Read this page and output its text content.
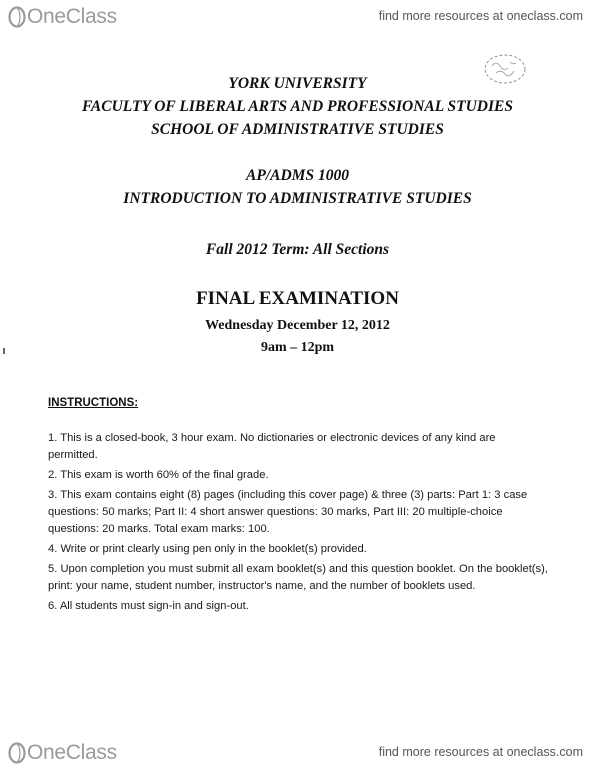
OneClass	find more resources at oneclass.com
YORK UNIVERSITY
FACULTY OF LIBERAL ARTS AND PROFESSIONAL STUDIES
SCHOOL OF ADMINISTRATIVE STUDIES
AP/ADMS 1000
INTRODUCTION TO ADMINISTRATIVE STUDIES
Fall 2012 Term: All Sections
FINAL EXAMINATION
Wednesday December 12, 2012
9am – 12pm
INSTRUCTIONS:

1. This is a closed-book, 3 hour exam. No dictionaries or electronic devices of any kind are permitted.

2. This exam is worth 60% of the final grade.

3. This exam contains eight (8) pages (including this cover page) & three (3) parts: Part 1: 3 case questions: 50 marks; Part II: 4 short answer questions: 30 marks, Part III: 20 multiple-choice questions: 20 marks. Total exam marks: 100.

4. Write or print clearly using pen only in the booklet(s) provided.

5. Upon completion you must submit all exam booklet(s) and this question booklet. On the booklet(s), print: your name, student number, instructor's name, and the number of booklets used.

6. All students must sign-in and sign-out.

OneClass	find more resources at oneclass.com
